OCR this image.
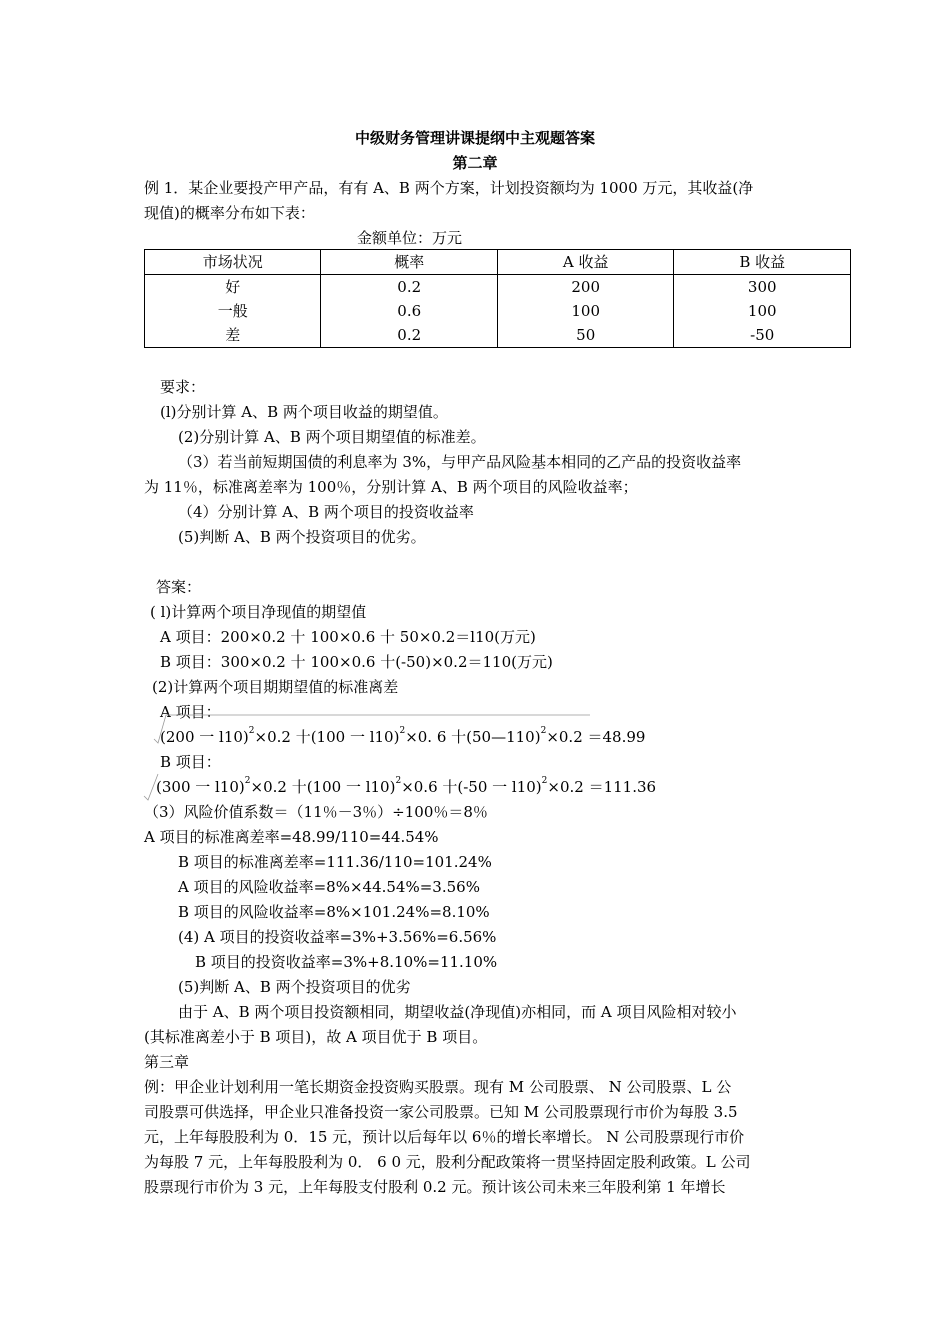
中级财务管理讲课提纲中主观题答案
第二章
例 1．某企业要投产甲产品，有有 A、B 两个方案，计划投资额均为 1000 万元，其收益(净
现值)的概率分布如下表：
金额单位：万元
市场状况	概率	A 收益	B 收益
好	0.2	200	300
一般	0.6	100	100
差	0.2	50	-50
要求：
(l)分别计算 A、B 两个项目收益的期望值。
(2)分别计算 A、B 两个项目期望值的标准差。
（3）若当前短期国债的利息率为 3%，与甲产品风险基本相同的乙产品的投资收益率
为 11％，标准离差率为 100％，分别计算 A、B 两个项目的风险收益率；
（4）分别计算 A、B 两个项目的投资收益率
(5)判断 A、B 两个投资项目的优劣。
答案：
( l)计算两个项目净现值的期望值
A 项目：200×0.2 十 100×0.6 十 50×0.2＝l10(万元)
B 项目：300×0.2 十 100×0.6 十(-50)×0.2＝110(万元)
(2)计算两个项目期期望值的标准离差
A 项目：
(200 一 l10)$^2$×0.2 十(100 一 l10)$^2$×0. 6 十(50—110)$^2$×0.2 ＝48.99
B 项目：
(300 一 l10)$^2$×0.2 十(100 一 l10)$^2$×0.6 十(-50 一 l10)$^2$×0.2 ＝111.36
（3）风险价值系数＝（11％－3％）÷100％＝8％
A 项目的标准离差率=48.99/110=44.54%
B 项目的标准离差率=111.36/110=101.24%
A 项目的风险收益率=8%×44.54%=3.56%
B 项目的风险收益率=8%×101.24%=8.10%
(4) A 项目的投资收益率=3%+3.56%=6.56%
B 项目的投资收益率=3%+8.10%=11.10%
(5)判断 A、B 两个投资项目的优劣
由于 A、B 两个项目投资额相同，期望收益(净现值)亦相同，而 A 项目风险相对较小
(其标准离差小于 B 项目)，故 A 项目优于 B 项目。
第三章
例：甲企业计划利用一笔长期资金投资购买股票。现有 M 公司股票、 N 公司股票、L 公
司股票可供选择，甲企业只准备投资一家公司股票。已知 M 公司股票现行市价为每股 3.5
元，上年每股股利为 0．15 元，预计以后每年以 6％的增长率增长。 N 公司股票现行市价
为每股 7 元，上年每股股利为 0． 6 0 元，股利分配政策将一贯坚持固定股利政策。L 公司
股票现行市价为 3 元，上年每股支付股利 0.2 元。预计该公司未来三年股利第 1 年增长
